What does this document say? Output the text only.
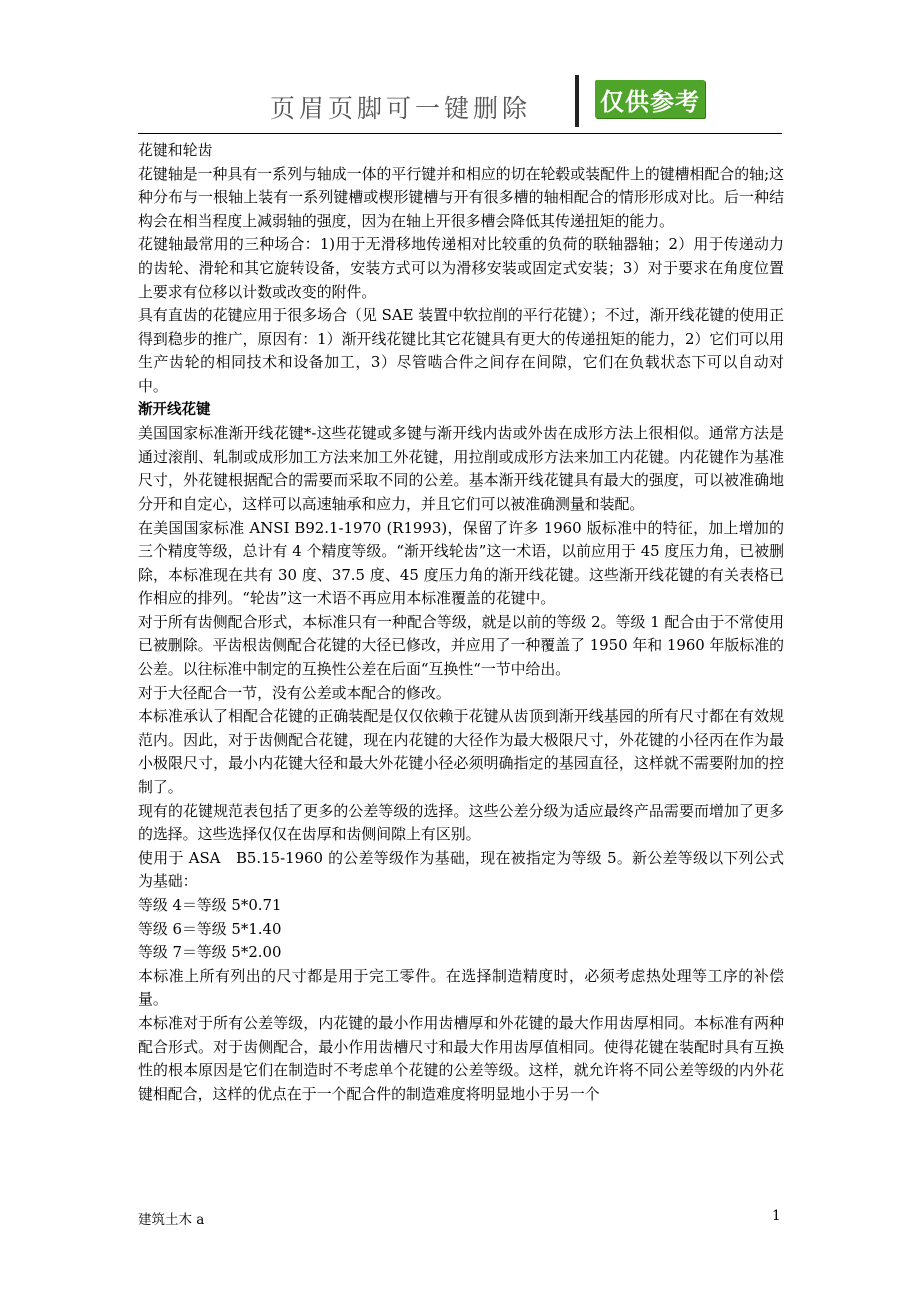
页眉页脚可一键删除	仅供参考

花键和轮齿

花键轴是一种具有一系列与轴成一体的平行键并和相应的切在轮毂或装配件上的键槽相配合的轴;这种分布与一根轴上装有一系列键槽或楔形键槽与开有很多槽的轴相配合的情形形成对比。后一种结构会在相当程度上减弱轴的强度，因为在轴上开很多槽会降低其传递扭矩的能力。

花键轴最常用的三种场合：1)用于无滑移地传递相对比较重的负荷的联轴器轴；2）用于传递动力的齿轮、滑轮和其它旋转设备，安装方式可以为滑移安装或固定式安装；3）对于要求在角度位置上要求有位移以计数或改变的附件。

具有直齿的花键应用于很多场合（见 SAE 装置中软拉削的平行花键）；不过，渐开线花键的使用正得到稳步的推广，原因有：1）渐开线花键比其它花键具有更大的传递扭矩的能力，2）它们可以用生产齿轮的相同技术和设备加工，3）尽管啮合件之间存在间隙，它们在负载状态下可以自动对中。

渐开线花键

美国国家标准渐开线花键*-这些花键或多键与渐开线内齿或外齿在成形方法上很相似。通常方法是通过滚削、轧制或成形加工方法来加工外花键，用拉削或成形方法来加工内花键。内花键作为基准尺寸，外花键根据配合的需要而采取不同的公差。基本渐开线花键具有最大的强度，可以被准确地分开和自定心，这样可以高速轴承和应力，并且它们可以被准确测量和装配。

在美国国家标准 ANSI B92.1-1970 (R1993)，保留了许多 1960 版标准中的特征，加上增加的三个精度等级，总计有 4 个精度等级。“渐开线轮齿”这一术语，以前应用于 45 度压力角，已被删除，本标准现在共有 30 度、37.5 度、45 度压力角的渐开线花键。这些渐开线花键的有关表格已作相应的排列。“轮齿”这一术语不再应用本标准覆盖的花键中。

对于所有齿侧配合形式，本标准只有一种配合等级，就是以前的等级 2。等级 1 配合由于不常使用已被删除。平齿根齿侧配合花键的大径已修改，并应用了一种覆盖了 1950 年和 1960 年版标准的公差。以往标准中制定的互换性公差在后面“互换性“一节中给出。

对于大径配合一节，没有公差或本配合的修改。

本标准承认了相配合花键的正确装配是仅仅依赖于花键从齿顶到渐开线基园的所有尺寸都在有效规范内。因此，对于齿侧配合花键，现在内花键的大径作为最大极限尺寸，外花键的小径丙在作为最小极限尺寸，最小内花键大径和最大外花键小径必须明确指定的基园直径，这样就不需要附加的控制了。

现有的花键规范表包括了更多的公差等级的选择。这些公差分级为适应最终产品需要而增加了更多的选择。这些选择仅仅在齿厚和齿侧间隙上有区别。

使用于 ASA　B5.15-1960 的公差等级作为基础，现在被指定为等级 5。新公差等级以下列公式为基础：

等级 4＝等级 5*0.71

等级 6＝等级 5*1.40

等级 7＝等级 5*2.00

本标准上所有列出的尺寸都是用于完工零件。在选择制造精度时，必须考虑热处理等工序的补偿量。

本标准对于所有公差等级，内花键的最小作用齿槽厚和外花键的最大作用齿厚相同。本标准有两种配合形式。对于齿侧配合，最小作用齿槽尺寸和最大作用齿厚值相同。使得花键在装配时具有互换性的根本原因是它们在制造时不考虑单个花键的公差等级。这样，就允许将不同公差等级的内外花键相配合，这样的优点在于一个配合件的制造难度将明显地小于另一个

建筑土木 a	1
